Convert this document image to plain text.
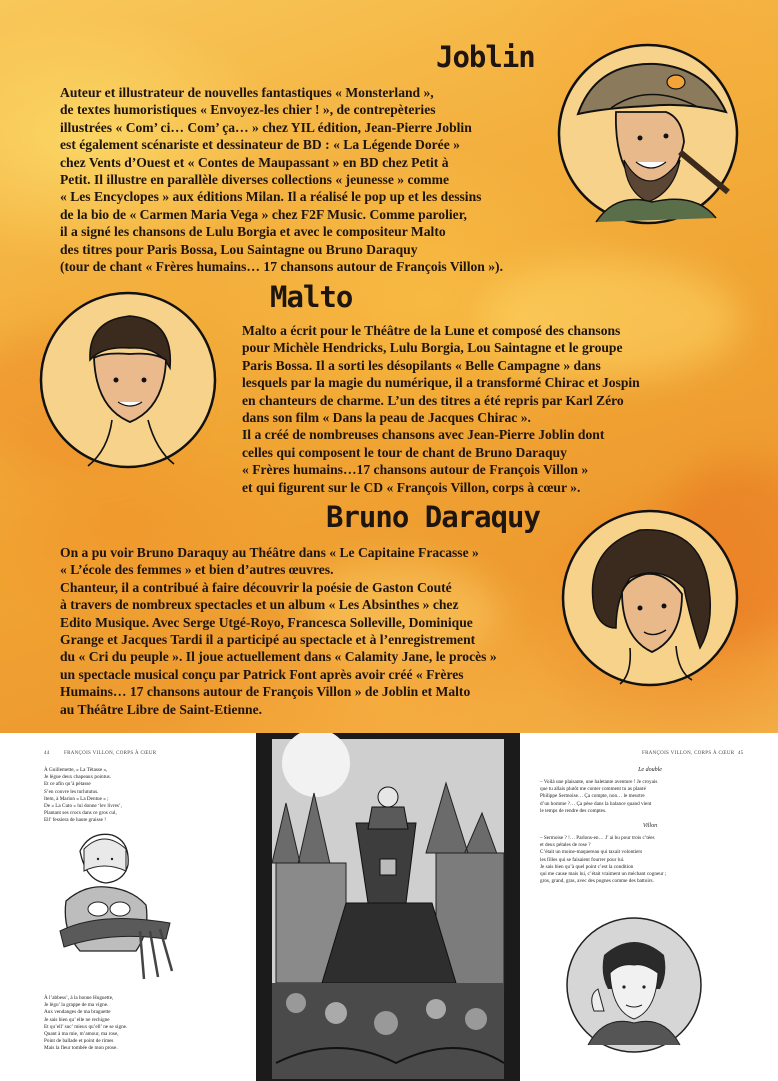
Joblin
Auteur et illustrateur de nouvelles fantastiques « Monsterland »,
de textes humoristiques « Envoyez-les chier ! », de contrepèteries
illustrées « Com’ ci… Com’ ça… » chez YIL édition, Jean-Pierre Joblin
est également scénariste et dessinateur de BD : « La Légende Dorée »
chez Vents d’Ouest et « Contes de Maupassant » en BD chez Petit à
Petit. Il illustre en parallèle diverses collections « jeunesse » comme
« Les Encyclopes » aux éditions Milan. Il a réalisé le pop up et les dessins
de la bio de « Carmen Maria Vega » chez F2F Music. Comme parolier,
il a signé les chansons de Lulu Borgia et avec le compositeur Malto
des titres pour Paris Bossa, Lou Saintagne ou Bruno Daraquy
(tour de chant « Frères humains… 17 chansons autour de François Villon »).
Malto
Malto a écrit pour le Théâtre de la Lune et composé des chansons
pour Michèle Hendricks, Lulu Borgia, Lou Saintagne et le groupe
Paris Bossa. Il a sorti les désopilants « Belle Campagne » dans
lesquels par la magie du numérique, il a transformé Chirac et Jospin
en chanteurs de charme. L’un des titres a été repris par Karl Zéro
dans son film « Dans la peau de Jacques Chirac ».
Il a créé de nombreuses chansons avec Jean-Pierre Joblin dont
celles qui composent le tour de chant de Bruno Daraquy
« Frères humains…17 chansons autour de François Villon »
et qui figurent sur le CD « François Villon, corps à cœur ».
Bruno Daraquy
On a pu voir Bruno Daraquy au Théâtre dans « Le Capitaine Fracasse »
« L’école des femmes » et bien d’autres œuvres.
Chanteur, il a contribué à faire découvrir la poésie de Gaston Couté
à travers de nombreux spectacles et un album « Les Absinthes » chez
Edito Musique. Avec Serge Utgé-Royo, Francesca Solleville, Dominique
Grange et Jacques Tardi il a participé au spectacle et à l’enregistrement
du « Cri du peuple ». Il joue actuellement dans « Calamity Jane, le procès »
un spectacle musical conçu par Patrick Font après avoir créé « Frères
Humains… 17 chansons autour de François Villon » de Joblin et Malto
au Théâtre Libre de Saint-Etienne.
44	FRANÇOIS VILLON, CORPS À CŒUR
À Guillemette, « La Têtasse »,
Je lègue deux chapeaux pointus.
Et ce afin qu’à pétasse
S’en couvre les turlututus.
Item, à Marion « La Dentue » ;
De « La Cuto » lui donne ‘lev livres’,
Plantant ses crocs dans ce gros cul,
Ell’ fessiera de haute graisse !
À l’abbess’, à la bonne Huguette,
Je lègu’ la grappe de ma vigne.
Aux vendanges de ma braguette
Je sais bien qu’ elle ne rechigne
Et qu’ell’ suc’ mieux qu’ell’ ne se signe.
Quant à ma mie, m’amour, ma rose,
Point de ballade et point de rimes
Mais la fleur tombée de mon prose.
FRANÇOIS VILLON, CORPS À CŒUR 45
Le double
– Voilà une plaisante, une haletante aventure ! Je croyais
que tu allais plutôt me conter comment tu as planté
Philippe Sermoise… Ça compte, non… le meurtre
d’un homme ?… Ça pèse dans la balance quand vient
le temps de rendre des comptes.
Villon
– Sermoise ? !… Parlons-en… J’ ai bu pour trois c’tées
et deux pétales de rose ?
C’était un moine-maquereau qui taxait volontiers
les filles qui se faisaient fourrer pour lui.
Je sais bien qu’à quel point c’est la condition
qui me cause mais lui, c’était vraiment un méchant cogneur ;
gros, grand, gras, avec des pognes comme des battoirs.
